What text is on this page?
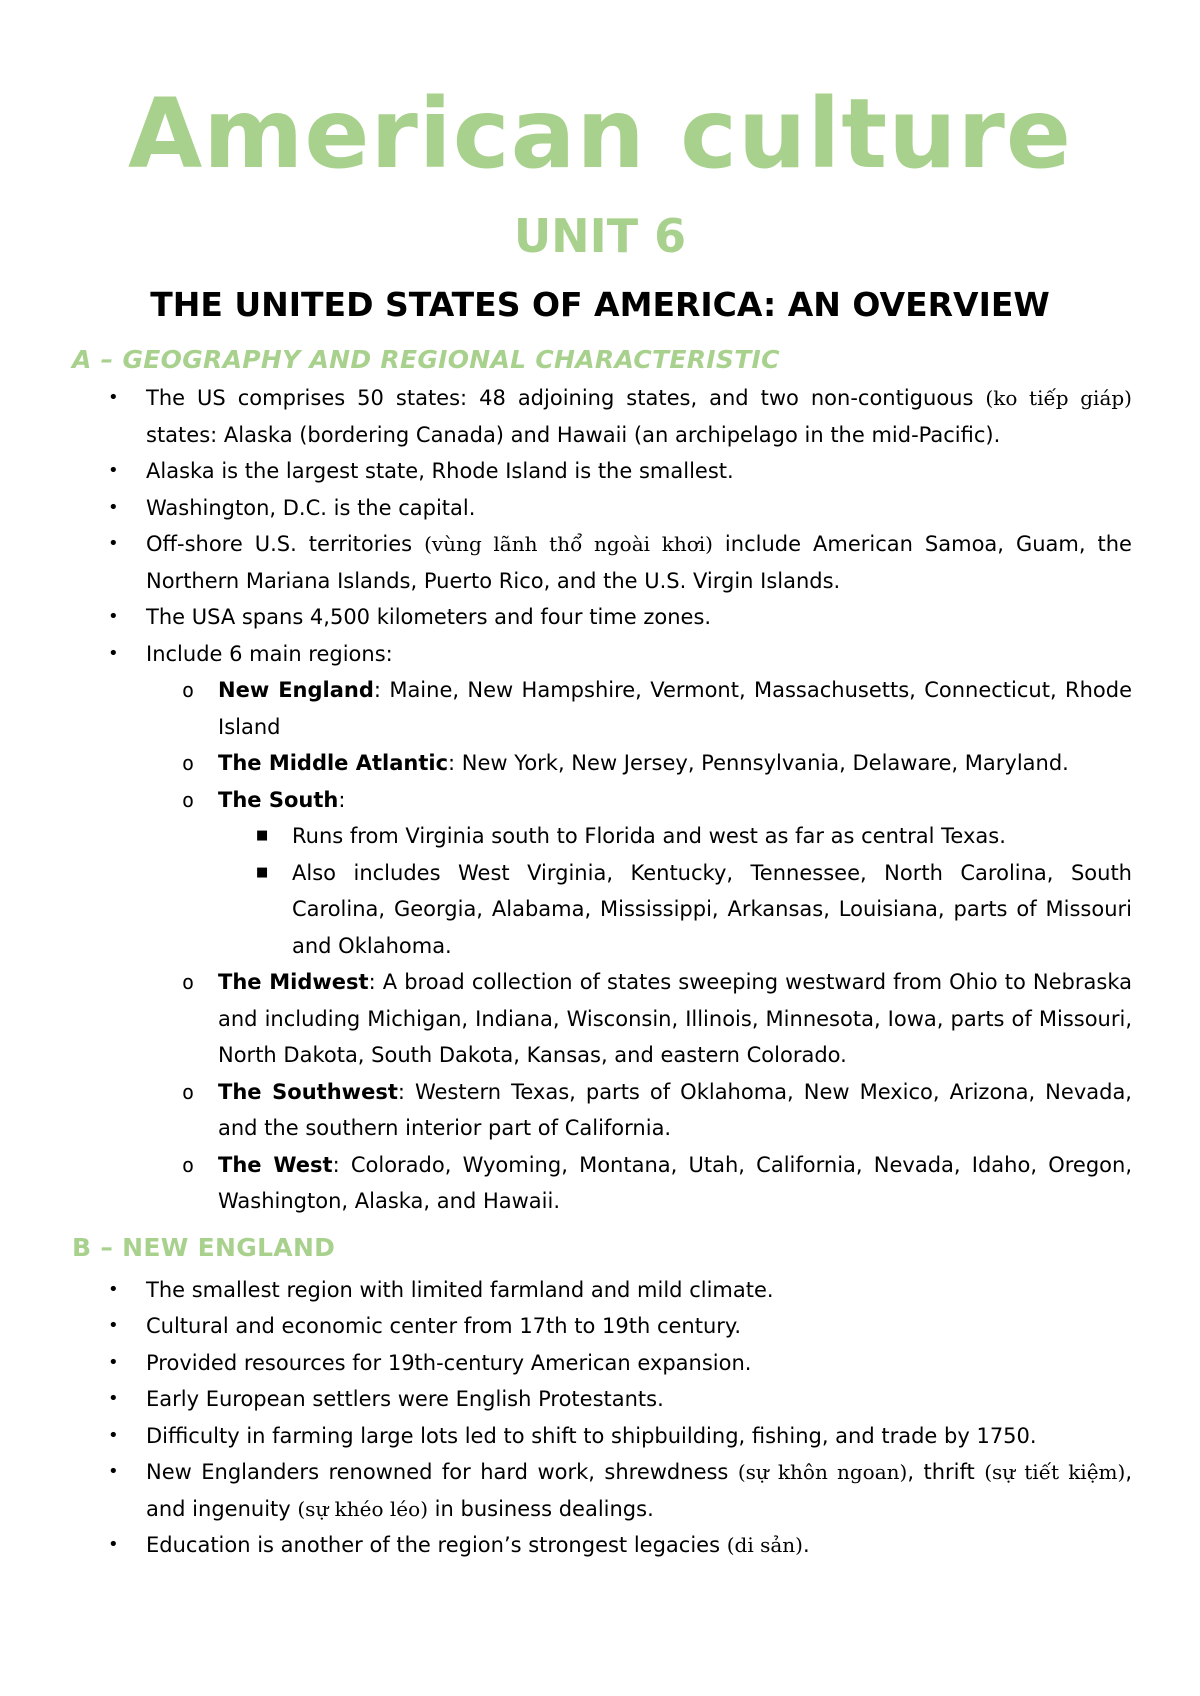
American culture
UNIT 6
THE UNITED STATES OF AMERICA: AN OVERVIEW
A – GEOGRAPHY AND REGIONAL CHARACTERISTIC
• The US comprises 50 states: 48 adjoining states, and two non-contiguous (ko tiếp giáp) states: Alaska (bordering Canada) and Hawaii (an archipelago in the mid-Pacific).
• Alaska is the largest state, Rhode Island is the smallest.
• Washington, D.C. is the capital.
• Off-shore U.S. territories (vùng lãnh thổ ngoài khơi) include American Samoa, Guam, the Northern Mariana Islands, Puerto Rico, and the U.S. Virgin Islands.
• The USA spans 4,500 kilometers and four time zones.
• Include 6 main regions:
o New England: Maine, New Hampshire, Vermont, Massachusetts, Connecticut, Rhode Island
o The Middle Atlantic: New York, New Jersey, Pennsylvania, Delaware, Maryland.
o The South:
■ Runs from Virginia south to Florida and west as far as central Texas.
■ Also includes West Virginia, Kentucky, Tennessee, North Carolina, South Carolina, Georgia, Alabama, Mississippi, Arkansas, Louisiana, parts of Missouri and Oklahoma.
o The Midwest: A broad collection of states sweeping westward from Ohio to Nebraska and including Michigan, Indiana, Wisconsin, Illinois, Minnesota, Iowa, parts of Missouri, North Dakota, South Dakota, Kansas, and eastern Colorado.
o The Southwest: Western Texas, parts of Oklahoma, New Mexico, Arizona, Nevada, and the southern interior part of California.
o The West: Colorado, Wyoming, Montana, Utah, California, Nevada, Idaho, Oregon, Washington, Alaska, and Hawaii.
B – NEW ENGLAND
• The smallest region with limited farmland and mild climate.
• Cultural and economic center from 17th to 19th century.
• Provided resources for 19th-century American expansion.
• Early European settlers were English Protestants.
• Difficulty in farming large lots led to shift to shipbuilding, fishing, and trade by 1750.
• New Englanders renowned for hard work, shrewdness (sự khôn ngoan), thrift (sự tiết kiệm), and ingenuity (sự khéo léo) in business dealings.
• Education is another of the region’s strongest legacies (di sản).
